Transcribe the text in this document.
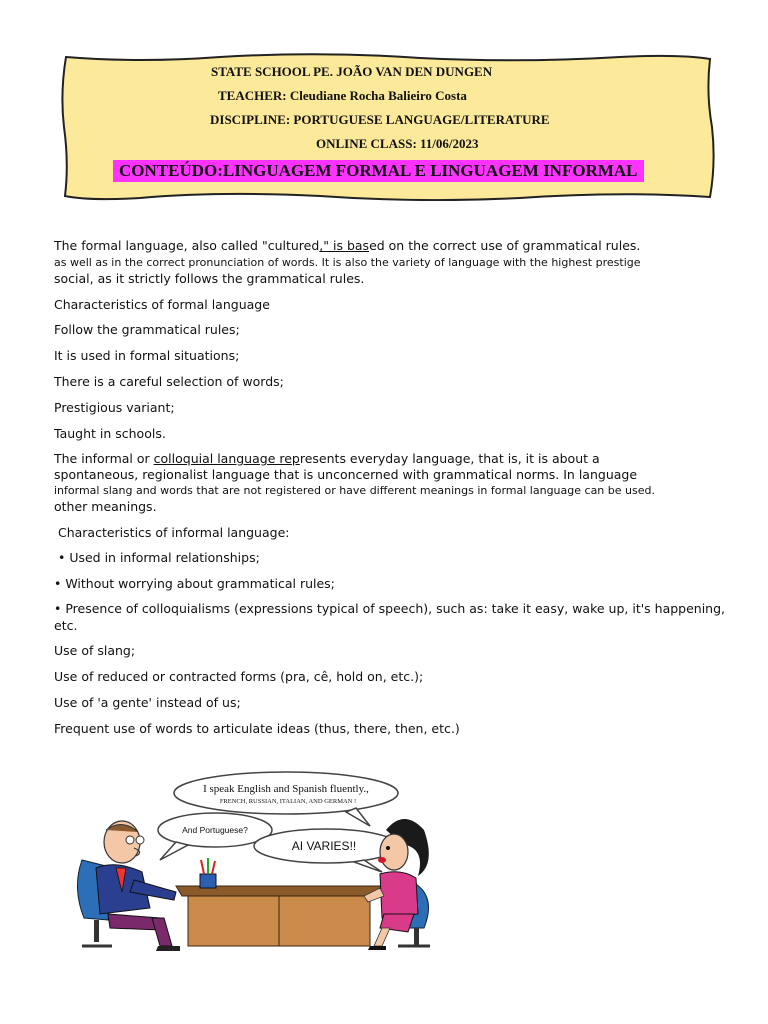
STATE SCHOOL PE. JOÃO VAN DEN DUNGEN
TEACHER: Cleudiane Rocha Balieiro Costa
DISCIPLINE: PORTUGUESE LANGUAGE/LITERATURE
ONLINE CLASS: 11/06/2023
CONTEÚDO:LINGUAGEM FORMAL E LINGUAGEM INFORMAL
The formal language, also called "cultured," is based on the correct use of grammatical rules.
as well as in the correct pronunciation of words. It is also the variety of language with the highest prestige
social, as it strictly follows the grammatical rules.
Characteristics of formal language
Follow the grammatical rules;
It is used in formal situations;
There is a careful selection of words;
Prestigious variant;
Taught in schools.
The informal or colloquial language represents everyday language, that is, it is about a
spontaneous, regionalist language that is unconcerned with grammatical norms. In language
informal slang and words that are not registered or have different meanings in formal language can be used.
other meanings.
Characteristics of informal language:
• Used in informal relationships;
• Without worrying about grammatical rules;
• Presence of colloquialisms (expressions typical of speech), such as: take it easy, wake up, it's happening,
etc.
Use of slang;
Use of reduced or contracted forms (pra, cê, hold on, etc.);
Use of 'a gente' instead of us;
Frequent use of words to articulate ideas (thus, there, then, etc.)
I speak English and Spanish fluently.,
FRENCH, RUSSIAN, ITALIAN, AND GERMAN !
And Portuguese?
AI VARIES!!
